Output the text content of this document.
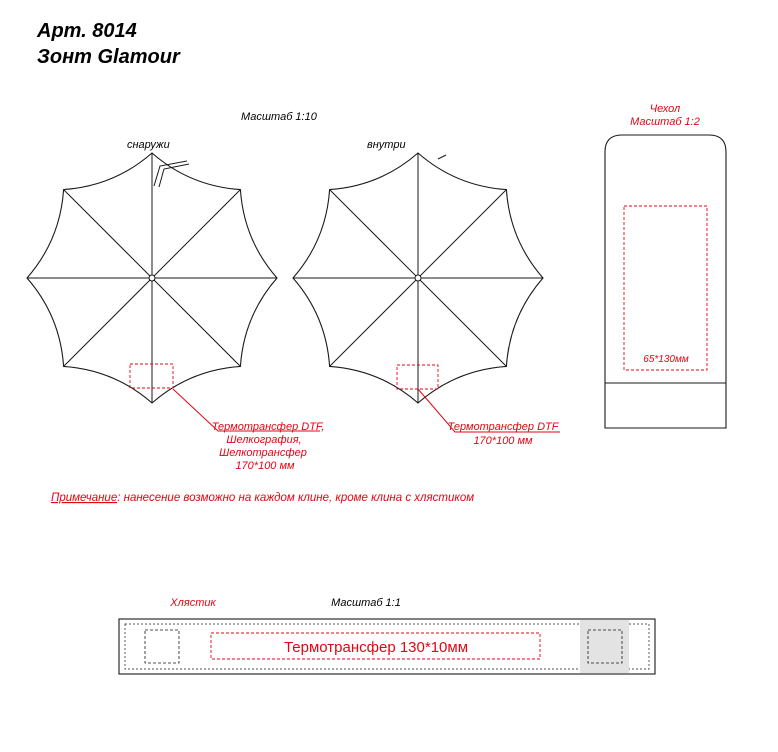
Арт. 8014
Зонт Glamour
Масштаб 1:10
снаружи	внутри
Термотрансфер DTF,
Шелкография,
Шелкотрансфер
170*100 мм
Термотрансфер DTF
170*100 мм
Чехол
Масштаб 1:2
65*130мм
Примечание: нанесение возможно на каждом клине, кроме клина с хлястиком
Хлястик	Масштаб 1:1
Термотрансфер 130*10мм
